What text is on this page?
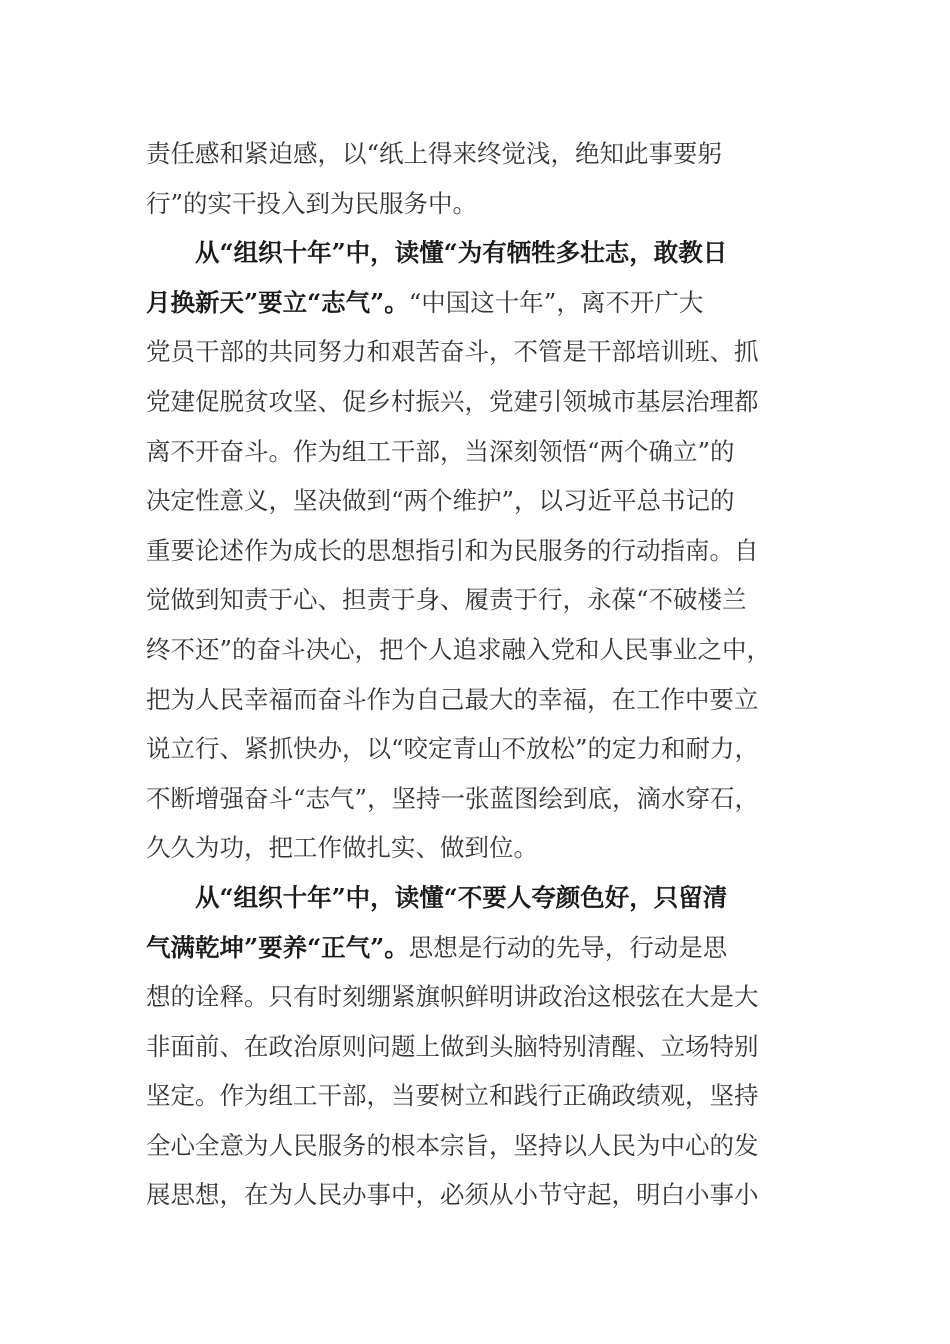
责任感和紧迫感，以“纸上得来终觉浅，绝知此事要躬
行”的实干投入到为民服务中。
从“组织十年”中，读懂“为有牺牲多壮志，敢教日
月换新天”要立“志气”。“中国这十年”，离不开广大
党员干部的共同努力和艰苦奋斗，不管是干部培训班、抓
党建促脱贫攻坚、促乡村振兴，党建引领城市基层治理都
离不开奋斗。作为组工干部，当深刻领悟“两个确立”的
决定性意义，坚决做到“两个维护”，以习近平总书记的
重要论述作为成长的思想指引和为民服务的行动指南。自
觉做到知责于心、担责于身、履责于行，永葆“不破楼兰
终不还”的奋斗决心，把个人追求融入党和人民事业之中，
把为人民幸福而奋斗作为自己最大的幸福，在工作中要立
说立行、紧抓快办，以“咬定青山不放松”的定力和耐力，
不断增强奋斗“志气”，坚持一张蓝图绘到底，滴水穿石，
久久为功，把工作做扎实、做到位。
从“组织十年”中，读懂“不要人夸颜色好，只留清
气满乾坤”要养“正气”。思想是行动的先导，行动是思
想的诠释。只有时刻绷紧旗帜鲜明讲政治这根弦在大是大
非面前、在政治原则问题上做到头脑特别清醒、立场特别
坚定。作为组工干部，当要树立和践行正确政绩观，坚持
全心全意为人民服务的根本宗旨，坚持以人民为中心的发
展思想，在为人民办事中，必须从小节守起，明白小事小
